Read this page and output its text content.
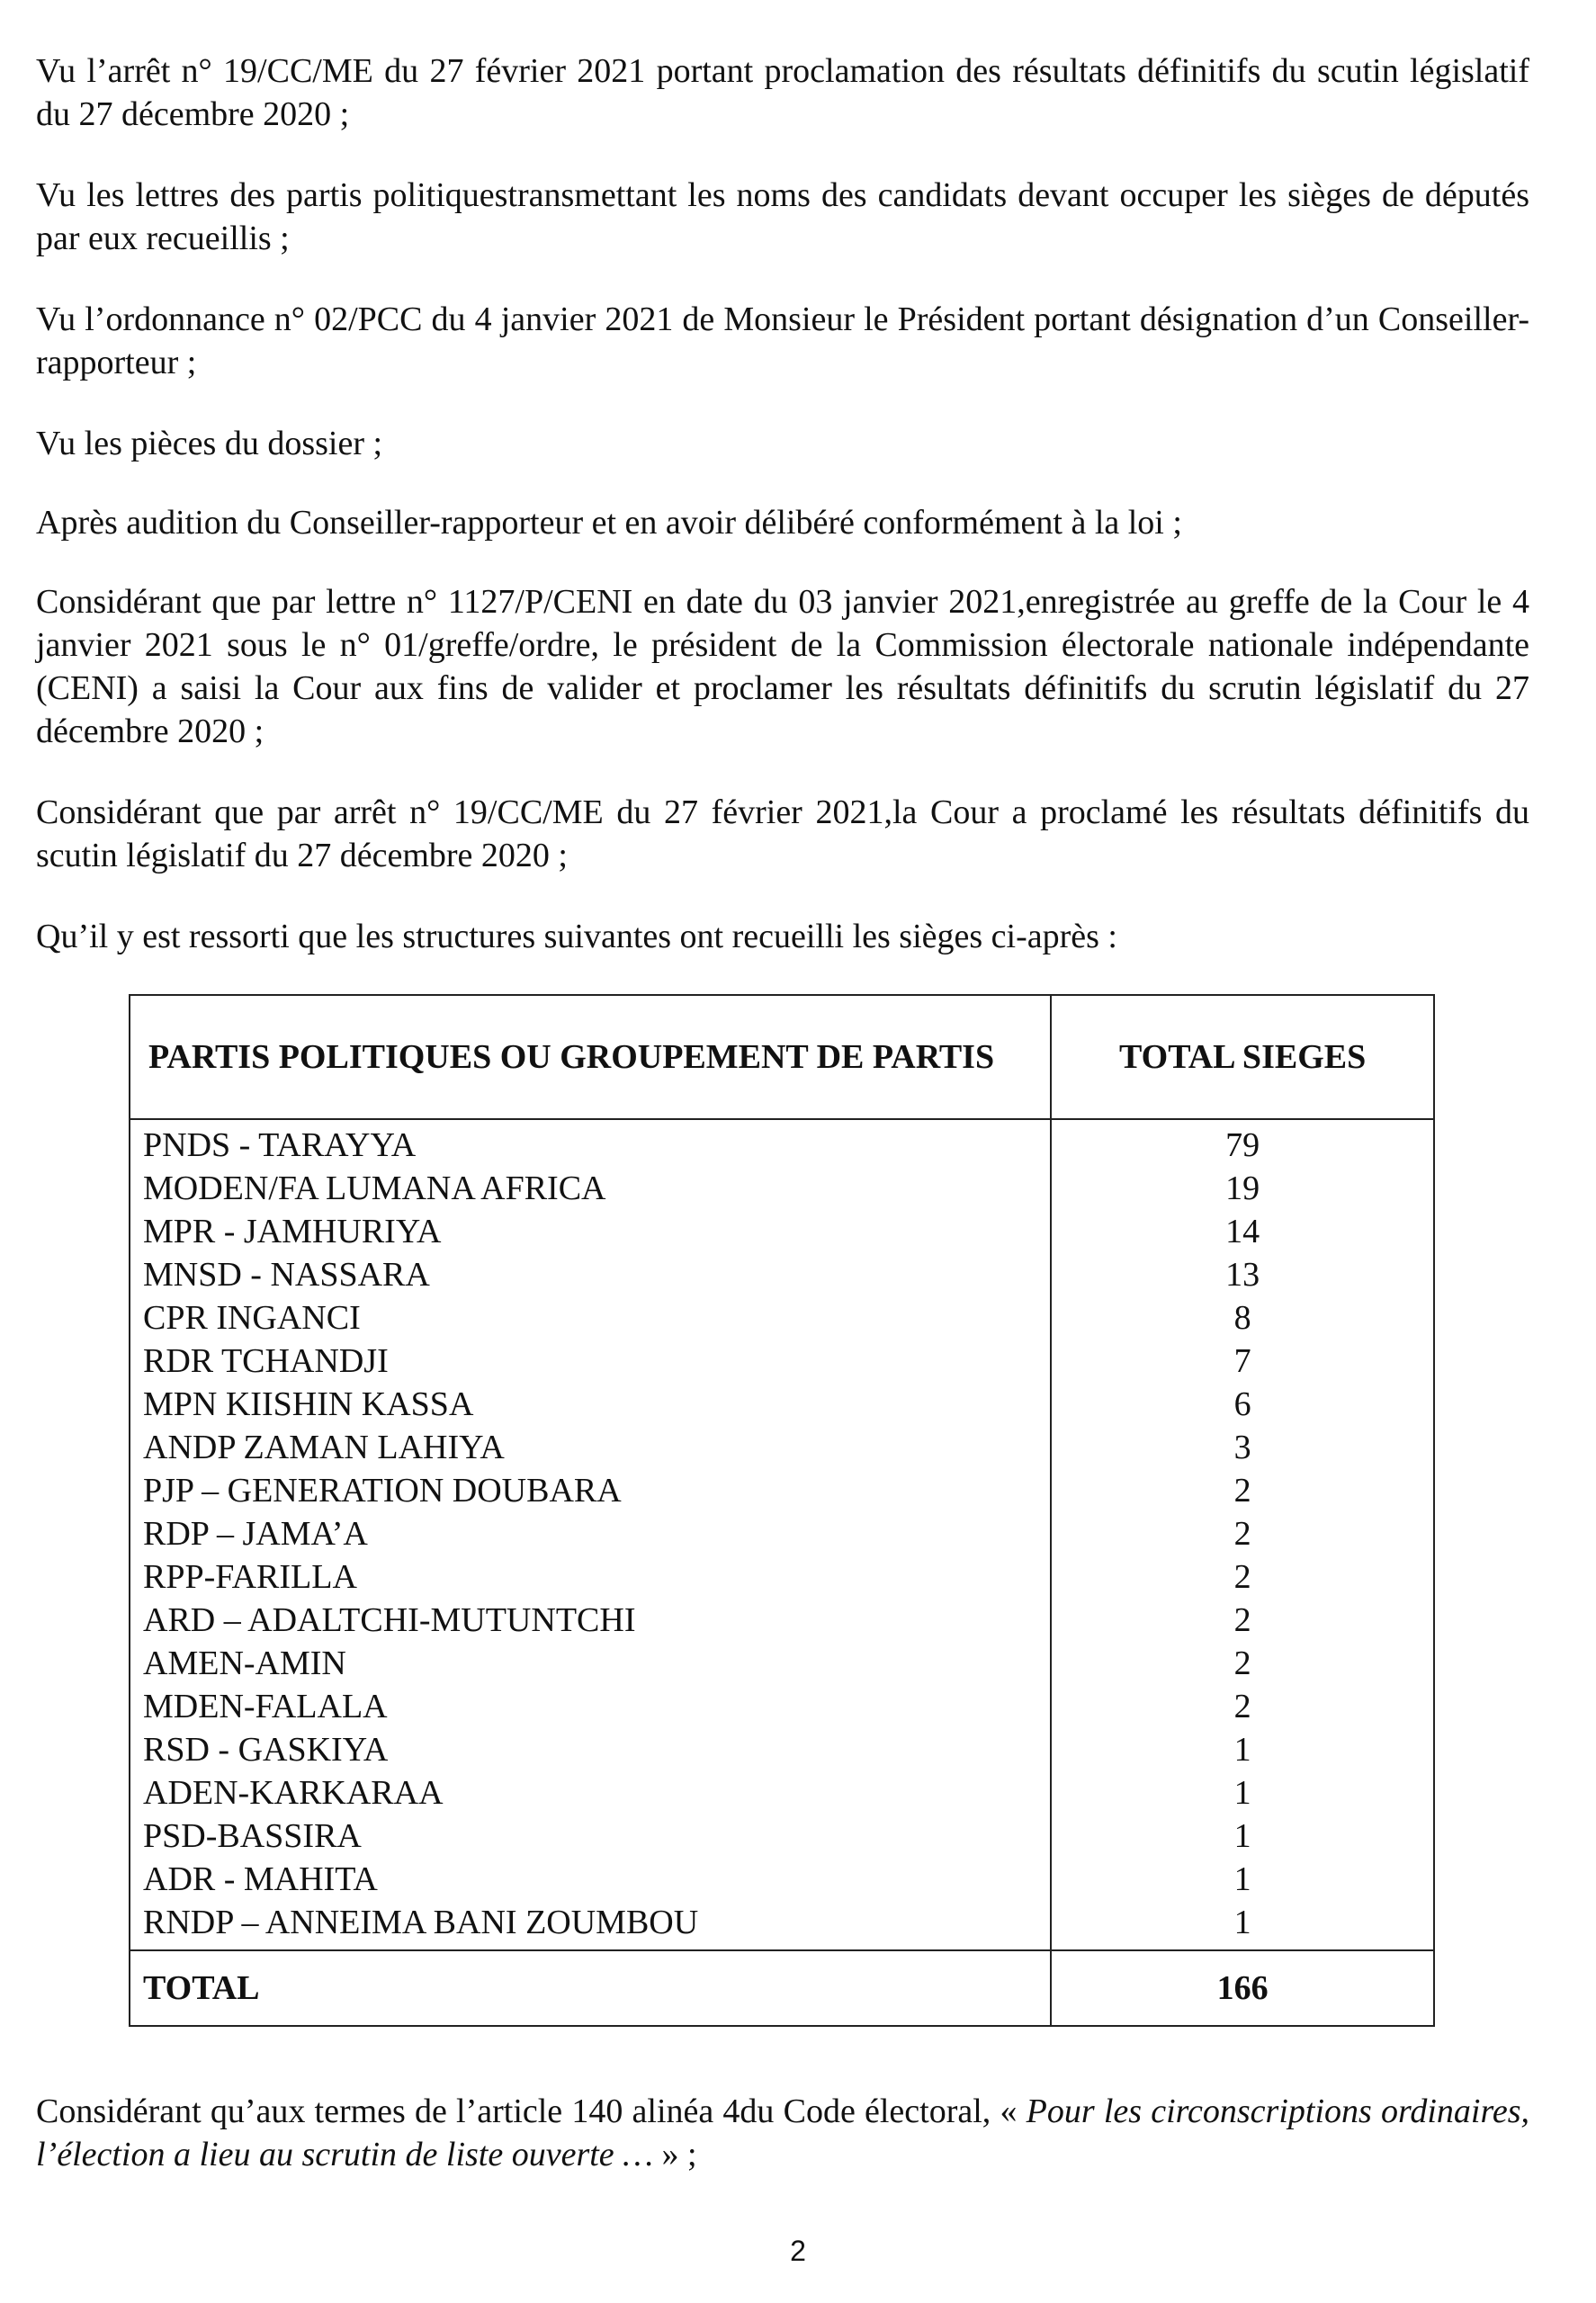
Vu l’arrêt n° 19/CC/ME du 27 février 2021 portant proclamation des résultats définitifs du scutin législatif du 27 décembre 2020 ;

Vu les lettres des partis politiquestransmettant les noms des candidats devant occuper les sièges de députés par eux recueillis ;

Vu l’ordonnance n° 02/PCC du 4 janvier 2021 de Monsieur le Président portant désignation d’un Conseiller-rapporteur ;

Vu les pièces du dossier ;

Après audition du Conseiller-rapporteur et en avoir délibéré conformément à la loi ;

Considérant que par lettre n° 1127/P/CENI en date du 03 janvier 2021,enregistrée au greffe de la Cour le 4 janvier 2021 sous le n° 01/greffe/ordre, le président de la Commission électorale nationale indépendante (CENI) a saisi la Cour aux fins de valider et proclamer les résultats définitifs du scrutin législatif du 27 décembre 2020 ;

Considérant que par arrêt n° 19/CC/ME du 27 février 2021,la Cour a proclamé les résultats définitifs du scutin législatif du 27 décembre 2020 ;

Qu’il y est ressorti que les structures suivantes ont recueilli les sièges ci-après :

PARTIS POLITIQUES OU GROUPEMENT DE PARTIS	TOTAL SIEGES
PNDS - TARAYYA	79
MODEN/FA LUMANA AFRICA	19
MPR - JAMHURIYA	14
MNSD - NASSARA	13
CPR INGANCI	8
RDR TCHANDJI	7
MPN KIISHIN KASSA	6
ANDP ZAMAN LAHIYA	3
PJP – GENERATION DOUBARA	2
RDP – JAMA’A	2
RPP-FARILLA	2
ARD – ADALTCHI-MUTUNTCHI	2
AMEN-AMIN	2
MDEN-FALALA	2
RSD - GASKIYA	1
ADEN-KARKARAA	1
PSD-BASSIRA	1
ADR - MAHITA	1
RNDP – ANNEIMA BANI ZOUMBOU	1
TOTAL	166

Considérant qu’aux termes de l’article 140 alinéa 4du Code électoral, « Pour les circonscriptions ordinaires, l’élection a lieu au scrutin de liste ouverte … » ;

2
